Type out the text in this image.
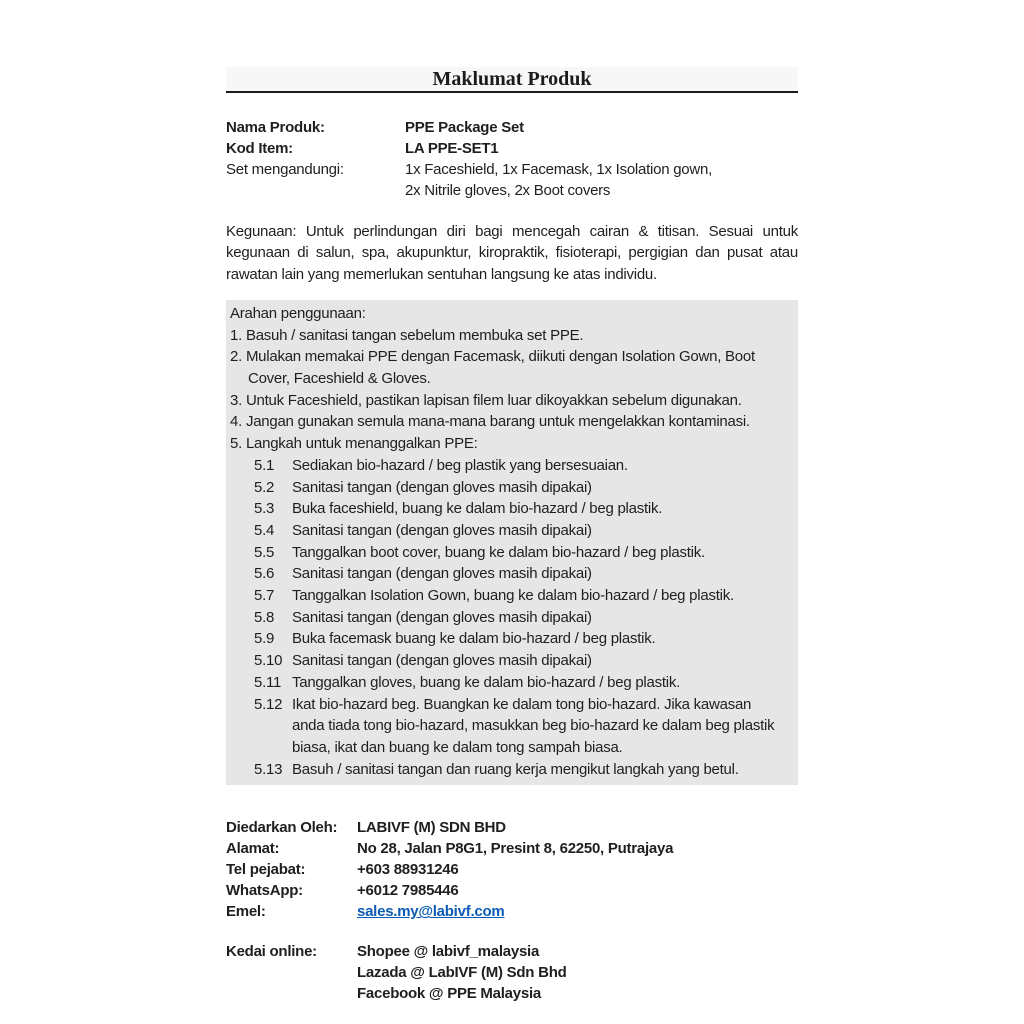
Maklumat Produk
Nama Produk:	PPE Package Set
Kod Item:	LA PPE-SET1
Set mengandungi:	1x Faceshield, 1x Facemask, 1x Isolation gown,
2x Nitrile gloves, 2x Boot covers
Kegunaan: Untuk perlindungan diri bagi mencegah cairan & titisan. Sesuai untuk kegunaan di salun, spa, akupunktur, kiropraktik, fisioterapi, pergigian dan pusat atau rawatan lain yang memerlukan sentuhan langsung ke atas individu.
Arahan penggunaan:
1. Basuh / sanitasi tangan sebelum membuka set PPE.
2. Mulakan memakai PPE dengan Facemask, diikuti dengan Isolation Gown, Boot Cover, Faceshield & Gloves.
3. Untuk Faceshield, pastikan lapisan filem luar dikoyakkan sebelum digunakan.
4. Jangan gunakan semula mana-mana barang untuk mengelakkan kontaminasi.
5. Langkah untuk menanggalkan PPE:
5.1	Sediakan bio-hazard / beg plastik yang bersesuaian.
5.2	Sanitasi tangan (dengan gloves masih dipakai)
5.3	Buka faceshield, buang ke dalam bio-hazard / beg plastik.
5.4	Sanitasi tangan (dengan gloves masih dipakai)
5.5	Tanggalkan boot cover, buang ke dalam bio-hazard / beg plastik.
5.6	Sanitasi tangan (dengan gloves masih dipakai)
5.7	Tanggalkan Isolation Gown, buang ke dalam bio-hazard / beg plastik.
5.8	Sanitasi tangan (dengan gloves masih dipakai)
5.9	Buka facemask buang ke dalam bio-hazard / beg plastik.
5.10 Sanitasi tangan (dengan gloves masih dipakai)
5.11 Tanggalkan gloves, buang ke dalam bio-hazard / beg plastik.
5.12 Ikat bio-hazard beg. Buangkan ke dalam tong bio-hazard. Jika kawasan anda tiada tong bio-hazard, masukkan beg bio-hazard ke dalam beg plastik biasa, ikat dan buang ke dalam tong sampah biasa.
5.13 Basuh / sanitasi tangan dan ruang kerja mengikut langkah yang betul.
Diedarkan Oleh:	LABIVF (M) SDN BHD
Alamat:	No 28, Jalan P8G1, Presint 8, 62250, Putrajaya
Tel pejabat:	+603 88931246
WhatsApp:	+6012 7985446
Emel:	sales.my@labivf.com
Kedai online:	Shopee @ labivf_malaysia
Lazada @ LabIVF (M) Sdn Bhd
Facebook @ PPE Malaysia
